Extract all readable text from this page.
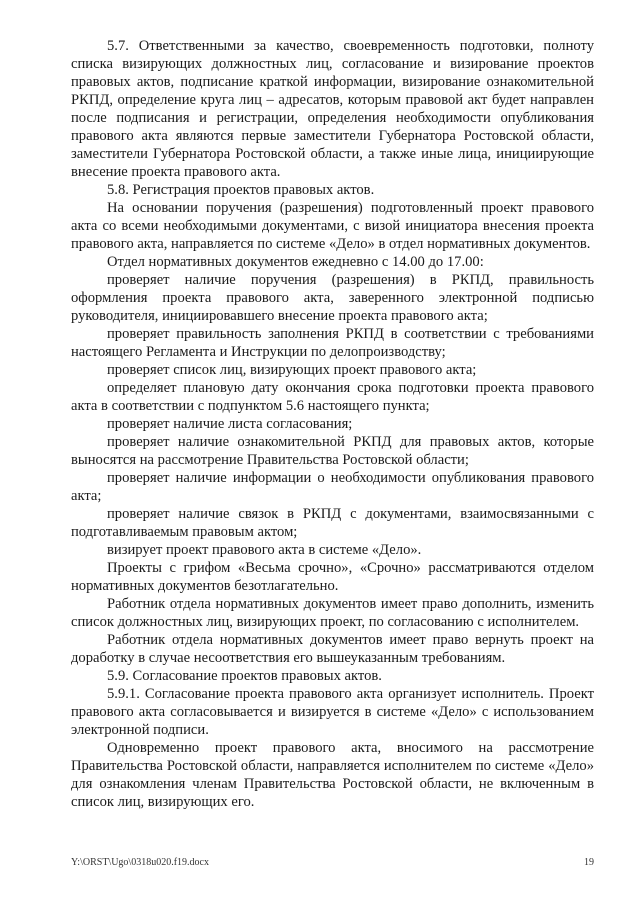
5.7. Ответственными за качество, своевременность подготовки, полноту списка визирующих должностных лиц, согласование и визирование проектов правовых актов, подписание краткой информации, визирование ознакомительной РКПД, определение круга лиц – адресатов, которым правовой акт будет направлен после подписания и регистрации, определения необходимости опубликования правового акта являются первые заместители Губернатора Ростовской области, заместители Губернатора Ростовской области, а также иные лица, инициирующие внесение проекта правового акта.

5.8. Регистрация проектов правовых актов.

На основании поручения (разрешения) подготовленный проект правового акта со всеми необходимыми документами, с визой инициатора внесения проекта правового акта, направляется по системе «Дело» в отдел нормативных документов.

Отдел нормативных документов ежедневно с 14.00 до 17.00:

проверяет наличие поручения (разрешения) в РКПД, правильность оформления проекта правового акта, заверенного электронной подписью руководителя, инициировавшего внесение проекта правового акта;

проверяет правильность заполнения РКПД в соответствии с требованиями настоящего Регламента и Инструкции по делопроизводству;

проверяет список лиц, визирующих проект правового акта;

определяет плановую дату окончания срока подготовки проекта правового акта в соответствии с подпунктом 5.6 настоящего пункта;

проверяет наличие листа согласования;

проверяет наличие ознакомительной РКПД для правовых актов, которые выносятся на рассмотрение Правительства Ростовской области;

проверяет наличие информации о необходимости опубликования правового акта;

проверяет наличие связок в РКПД с документами, взаимосвязанными с подготавливаемым правовым актом;

визирует проект правового акта в системе «Дело».

Проекты с грифом «Весьма срочно», «Срочно» рассматриваются отделом нормативных документов безотлагательно.

Работник отдела нормативных документов имеет право дополнить, изменить список должностных лиц, визирующих проект, по согласованию с исполнителем.

Работник отдела нормативных документов имеет право вернуть проект на доработку в случае несоответствия его вышеуказанным требованиям.

5.9. Согласование проектов правовых актов.

5.9.1. Согласование проекта правового акта организует исполнитель. Проект правового акта согласовывается и визируется в системе «Дело» с использованием электронной подписи.

Одновременно проект правового акта, вносимого на рассмотрение Правительства Ростовской области, направляется исполнителем по системе «Дело» для ознакомления членам Правительства Ростовской области, не включенным в список лиц, визирующих его.

Y:\ORST\Ugo\0318u020.f19.docx	19
